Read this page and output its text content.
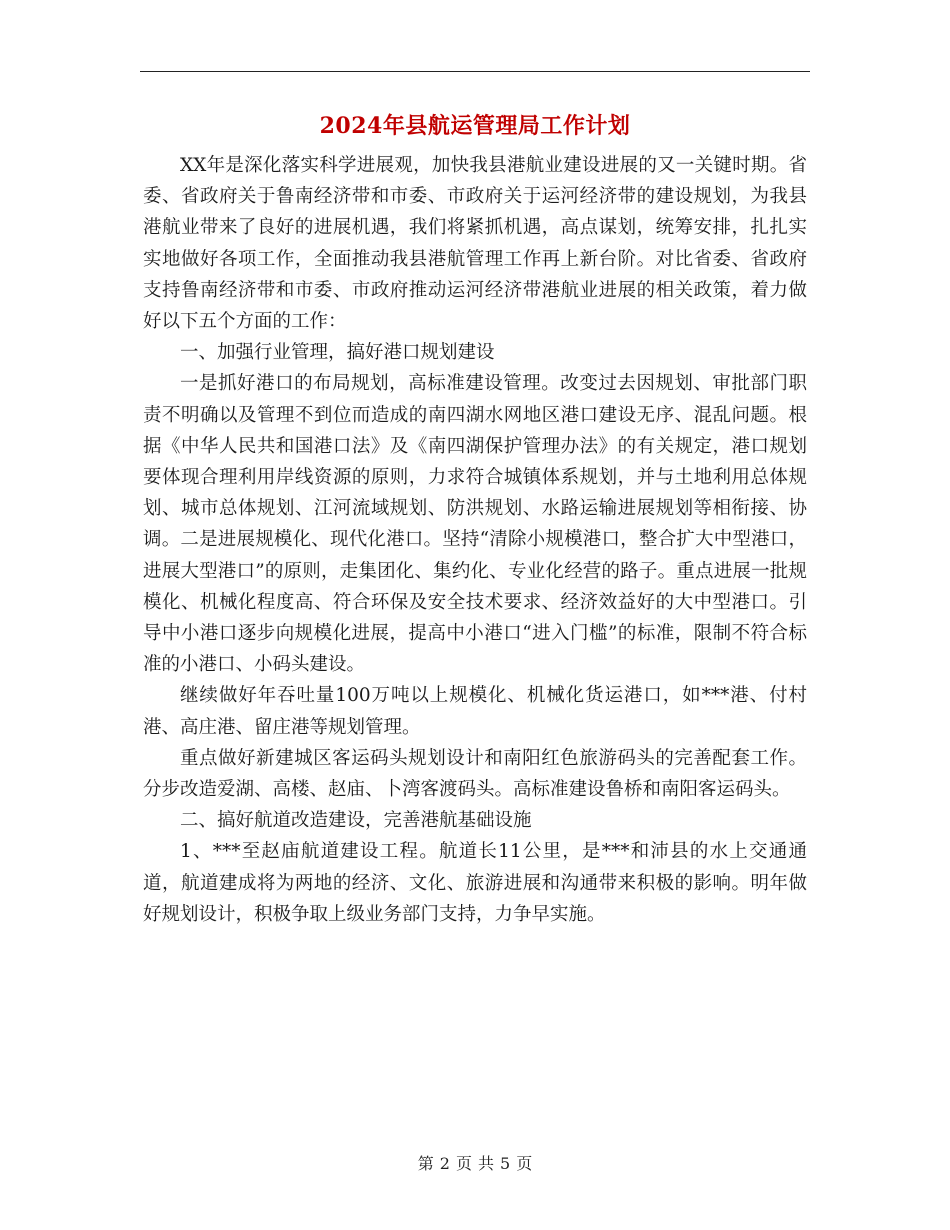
2024年县航运管理局工作计划

XX年是深化落实科学进展观，加快我县港航业建设进展的又一关键时期。省委、省政府关于鲁南经济带和市委、市政府关于运河经济带的建设规划，为我县港航业带来了良好的进展机遇，我们将紧抓机遇，高点谋划，统筹安排，扎扎实实地做好各项工作，全面推动我县港航管理工作再上新台阶。对比省委、省政府支持鲁南经济带和市委、市政府推动运河经济带港航业进展的相关政策，着力做好以下五个方面的工作：

一、加强行业管理，搞好港口规划建设

一是抓好港口的布局规划，高标准建设管理。改变过去因规划、审批部门职责不明确以及管理不到位而造成的南四湖水网地区港口建设无序、混乱问题。根据《中华人民共和国港口法》及《南四湖保护管理办法》的有关规定，港口规划要体现合理利用岸线资源的原则，力求符合城镇体系规划，并与土地利用总体规划、城市总体规划、江河流域规划、防洪规划、水路运输进展规划等相衔接、协调。二是进展规模化、现代化港口。坚持“清除小规模港口，整合扩大中型港口，进展大型港口”的原则，走集团化、集约化、专业化经营的路子。重点进展一批规模化、机械化程度高、符合环保及安全技术要求、经济效益好的大中型港口。引导中小港口逐步向规模化进展，提高中小港口“进入门槛”的标准，限制不符合标准的小港口、小码头建设。

继续做好年吞吐量100万吨以上规模化、机械化货运港口，如***港、付村港、高庄港、留庄港等规划管理。

重点做好新建城区客运码头规划设计和南阳红色旅游码头的完善配套工作。分步改造爱湖、高楼、赵庙、卜湾客渡码头。高标准建设鲁桥和南阳客运码头。

二、搞好航道改造建设，完善港航基础设施

1、***至赵庙航道建设工程。航道长11公里，是***和沛县的水上交通通道，航道建成将为两地的经济、文化、旅游进展和沟通带来积极的影响。明年做好规划设计，积极争取上级业务部门支持，力争早实施。

第 2 页 共 5 页
